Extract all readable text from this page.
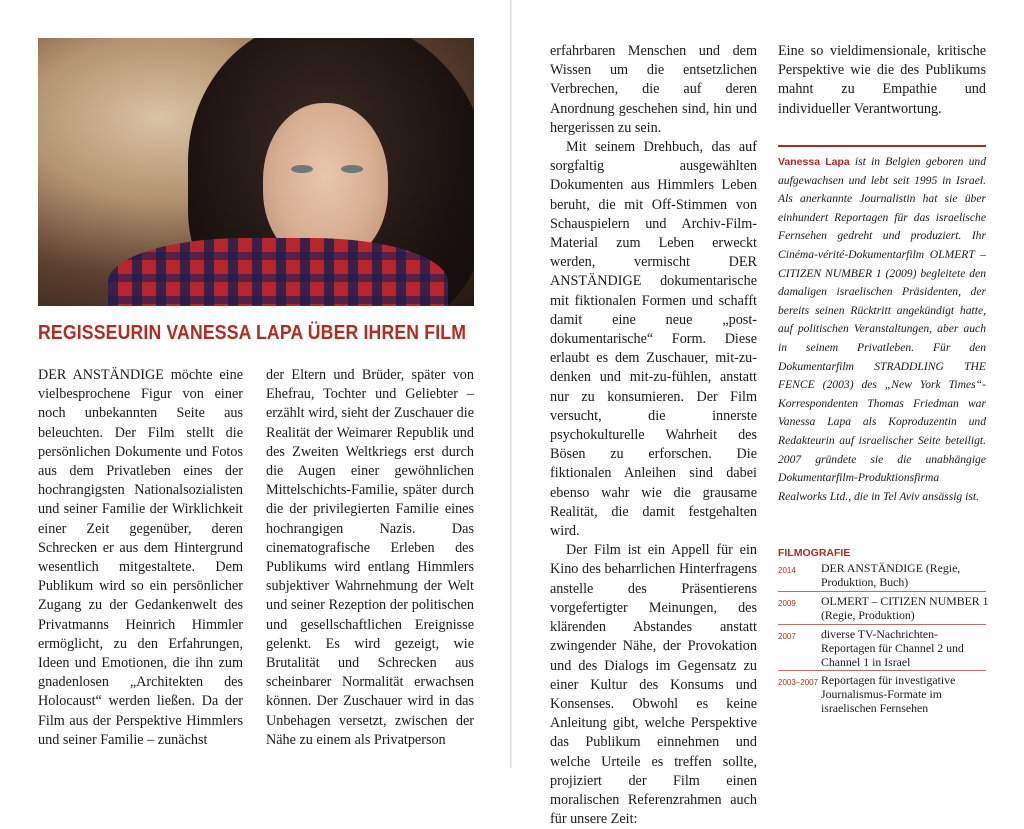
REGISSEURIN VANESSA LAPA ÜBER IHREN FILM

DER ANSTÄNDIGE möchte eine vielbesprochene Figur von einer noch unbekannten Seite aus beleuchten. Der Film stellt die persönlichen Dokumente und Fotos aus dem Privatleben eines der hochrangigsten Nationalsozialisten und seiner Familie der Wirklichkeit einer Zeit gegenüber, deren Schrecken er aus dem Hintergrund wesentlich mitgestaltete. Dem Publikum wird so ein persönlicher Zugang zu der Gedankenwelt des Privatmanns Heinrich Himmler ermöglicht, zu den Erfahrungen, Ideen und Emotionen, die ihn zum gnadenlosen „Architekten des Holocaust“ werden ließen. Da der Film aus der Perspektive Himmlers und seiner Familie – zunächst

der Eltern und Brüder, später von Ehefrau, Tochter und Geliebter – erzählt wird, sieht der Zuschauer die Realität der Weimarer Republik und des Zweiten Weltkriegs erst durch die Augen einer gewöhnlichen Mittelschichts-Familie, später durch die der privilegierten Familie eines hochrangigen Nazis. Das cinematografische Erleben des Publikums wird entlang Himmlers subjektiver Wahrnehmung der Welt und seiner Rezeption der politischen und gesellschaftlichen Ereignisse gelenkt. Es wird gezeigt, wie Brutalität und Schrecken aus scheinbarer Normalität erwachsen können. Der Zuschauer wird in das Unbehagen versetzt, zwischen der Nähe zu einem als Privatperson

erfahrbaren Menschen und dem Wissen um die entsetzlichen Verbrechen, die auf deren Anordnung geschehen sind, hin und hergerissen zu sein.

Mit seinem Drehbuch, das auf sorgfaltig ausgewählten Dokumenten aus Himmlers Leben beruht, die mit Off-Stimmen von Schauspielern und Archiv-Film-Material zum Leben erweckt werden, vermischt DER ANSTÄNDIGE dokumentarische mit fiktionalen Formen und schafft damit eine neue „post-dokumentarische“ Form. Diese erlaubt es dem Zuschauer, mit-zu-denken und mit-zu-fühlen, anstatt nur zu konsumieren. Der Film versucht, die innerste psychokulturelle Wahrheit des Bösen zu erforschen. Die fiktionalen Anleihen sind dabei ebenso wahr wie die grausame Realität, die damit festgehalten wird.

Der Film ist ein Appell für ein Kino des beharrlichen Hinterfragens anstelle des Präsentierens vorgefertigter Meinungen, des klärenden Abstandes anstatt zwingender Nähe, der Provokation und des Dialogs im Gegensatz zu einer Kultur des Konsums und Konsenses. Obwohl es keine Anleitung gibt, welche Perspektive das Publikum einnehmen und welche Urteile es treffen sollte, projiziert der Film einen moralischen Referenzrahmen auch für unsere Zeit:

Eine so vieldimensionale, kritische Perspektive wie die des Publikums mahnt zu Empathie und individueller Verantwortung.

Vanessa Lapa ist in Belgien geboren und aufgewachsen und lebt seit 1995 in Israel. Als anerkannte Journalistin hat sie über einhundert Reportagen für das israelische Fernsehen gedreht und produziert. Ihr Cinéma-vérité-Dokumentarfilm OLMERT – CITIZEN NUMBER 1 (2009) begleitete den damaligen israelischen Präsidenten, der bereits seinen Rücktritt angekündigt hatte, auf politischen Veranstaltungen, aber auch in seinem Privatleben. Für den Dokumentarfilm STRADDLING THE FENCE (2003) des „New York Times“-Korrespondenten Thomas Friedman war Vanessa Lapa als Koproduzentin und Redakteurin auf israelischer Seite beteiligt. 2007 gründete sie die unabhängige Dokumentarfilm-Produktionsfirma Realworks Ltd., die in Tel Aviv ansässig ist.
FILMOGRAFIE
2014 DER ANSTÄNDIGE (Regie, Produktion, Buch)
2009 OLMERT – CITIZEN NUMBER 1 (Regie, Produktion)
2007 diverse TV-Nachrichten-Reportagen für Channel 2 und Channel 1 in Israel
2003–2007 Reportagen für investigative Journalismus-Formate im israelischen Fernsehen
